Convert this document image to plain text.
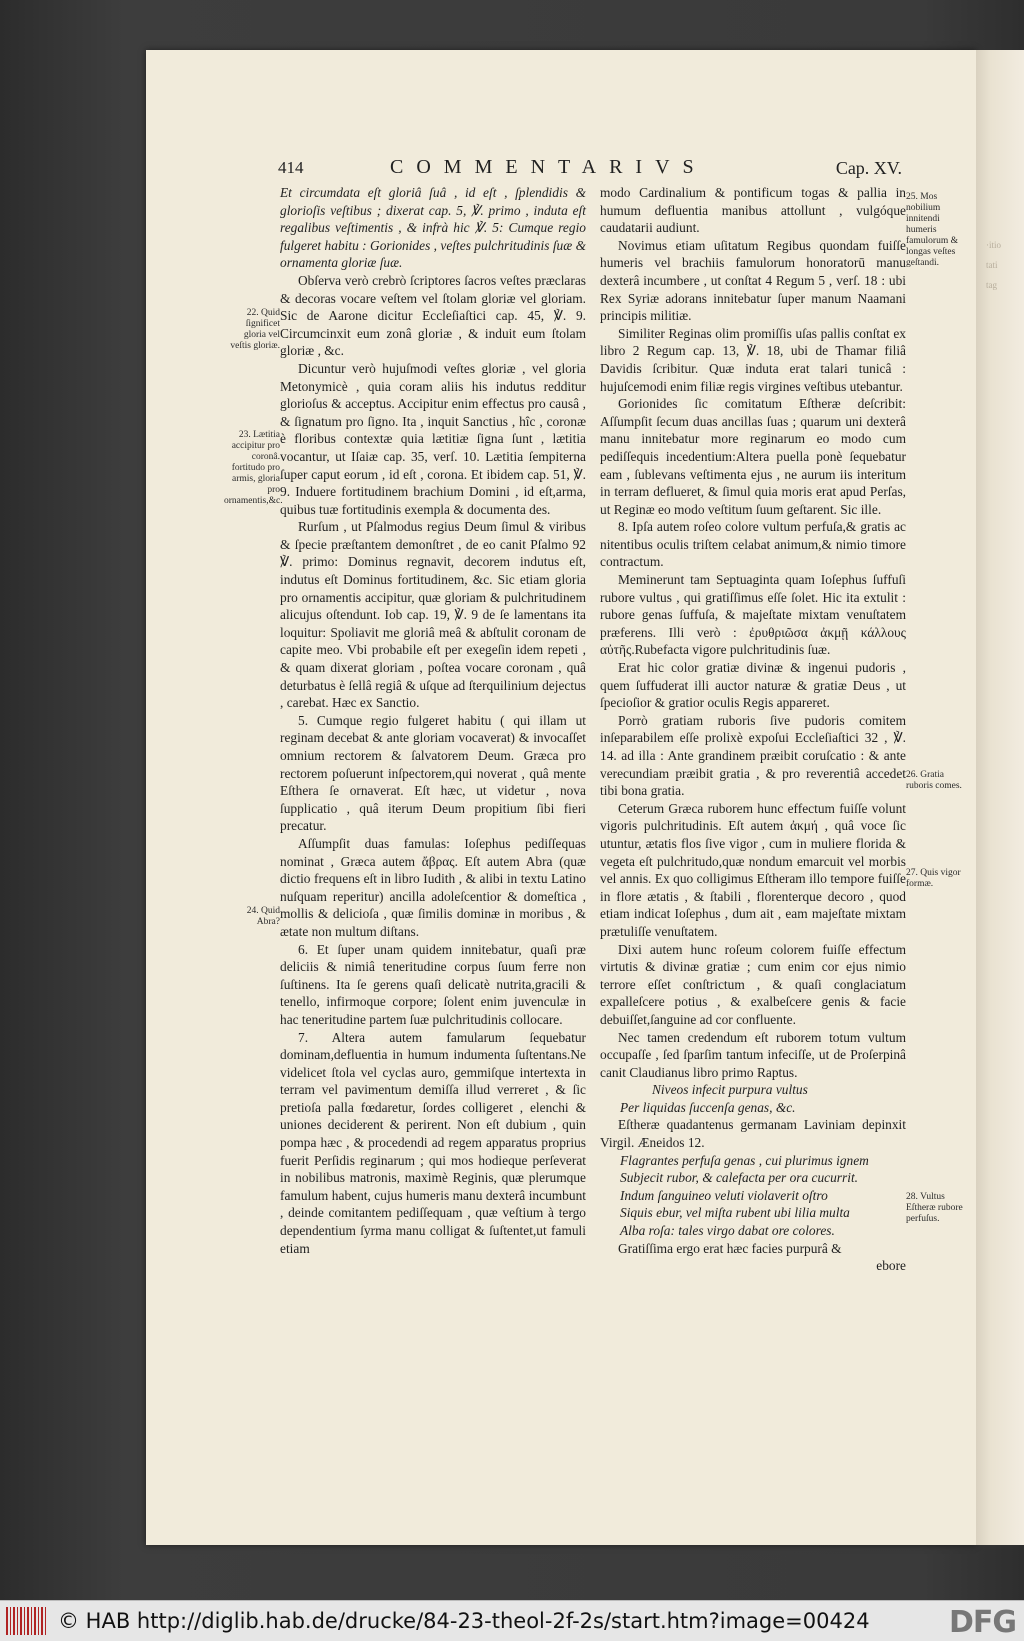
·itio
tati
tag
414	COMMENTARIVS	Cap. XV.

Et circumdata eſt gloriâ ſuâ , id eſt , ſplendidis & glorioſis veſtibus ; dixerat cap. 5, ℣. primo , induta eſt regalibus veſtimentis , & infrà hic ℣. 5: Cumque regio fulgeret habitu : Gorionides , veſtes pulchritudinis ſuæ & ornamenta gloriæ ſuæ.

Obſerva verò crebrò ſcriptores ſacros veſtes præclaras & decoras vocare veſtem vel ſtolam gloriæ vel gloriam. Sic de Aarone dicitur Eccleſiaſtici cap. 45, ℣. 9. Circumcinxit eum zonâ gloriæ , & induit eum ſtolam gloriæ , &c.

Dicuntur verò hujuſmodi veſtes gloriæ , vel gloria Metonymicè , quia coram aliis his indutus redditur glorioſus & acceptus. Accipitur enim effectus pro causâ , & ſignatum pro ſigno. Ita , inquit Sanctius , hîc , coronæ è floribus contextæ quia lætitiæ ſigna ſunt , lætitia vocantur, ut Iſaiæ cap. 35, verſ. 10. Lætitia ſempiterna ſuper caput eorum , id eſt , corona. Et ibidem cap. 51, ℣. 9. Induere fortitudinem brachium Domini , id eſt,arma, quibus tuæ fortitudinis exempla & documenta des.

Rurſum , ut Pſalmodus regius Deum ſimul & viribus & ſpecie præſtantem demonſtret , de eo canit Pſalmo 92 ℣. primo: Dominus regnavit, decorem indutus eſt, indutus eſt Dominus fortitudinem, &c. Sic etiam gloria pro ornamentis accipitur, quæ gloriam & pulchritudinem alicujus oſtendunt. Iob cap. 19, ℣. 9 de ſe lamentans ita loquitur: Spoliavit me gloriâ meâ & abſtulit coronam de capite meo. Vbi probabile eſt per exegeſin idem repeti , & quam dixerat gloriam , poſtea vocare coronam , quâ deturbatus è ſellâ regiâ & uſque ad ſterquilinium dejectus , carebat. Hæc ex Sanctio.

5. Cumque regio fulgeret habitu ( qui illam ut reginam decebat & ante gloriam vocaverat) & invocaſſet omnium rectorem & ſalvatorem Deum. Græca pro rectorem poſuerunt inſpectorem,qui noverat , quâ mente Eſthera ſe ornaverat. Eſt hæc, ut videtur , nova ſupplicatio , quâ iterum Deum propitium ſibi fieri precatur.

Aſſumpſit duas famulas: Ioſephus pediſſequas nominat , Græca autem ἄβρας. Eſt autem Abra (quæ dictio frequens eſt in libro Iudith , & alibi in textu Latino nuſquam reperitur) ancilla adoleſcentior & domeſtica , mollis & delicioſa , quæ ſimilis dominæ in moribus , & ætate non multum diſtans.

6. Et ſuper unam quidem innitebatur, quaſi præ deliciis & nimiâ teneritudine corpus ſuum ferre non ſuſtinens. Ita ſe gerens quaſi delicatè nutrita,gracili & tenello, infirmoque corpore; ſolent enim juvenculæ in hac teneritudine partem ſuæ pulchritudinis collocare.

7. Altera autem famularum ſequebatur dominam,defluentia in humum indumenta ſuſtentans.Ne videlicet ſtola vel cyclas auro, gemmiſque intertexta in terram vel pavimentum demiſſa illud verreret , & ſic pretioſa palla fœdaretur, ſordes colligeret , elenchi & uniones deciderent & perirent. Non eſt dubium , quin pompa hæc , & procedendi ad regem apparatus proprius fuerit Perſidis reginarum ; qui mos hodieque perſeverat in nobilibus matronis, maximè Reginis, quæ plerumque famulum habent, cujus humeris manu dexterâ incumbunt , deinde comitantem pediſſequam , quæ veſtium à tergo dependentium ſyrma manu colligat & ſuſtentet,ut famuli etiam

modo Cardinalium & pontificum togas & pallia in humum defluentia manibus attollunt , vulgóque caudatarii audiunt.

Novimus etiam uſitatum Regibus quondam fuiſſe humeris vel brachiis famulorum honoratorū manu dexterâ incumbere , ut conſtat 4 Regum 5 , verſ. 18 : ubi Rex Syriæ adorans innitebatur ſuper manum Naamani principis militiæ.

Similiter Reginas olim promiſſis uſas pallis conſtat ex libro 2 Regum cap. 13, ℣. 18, ubi de Thamar filiâ Davidis ſcribitur. Quæ induta erat talari tunicâ : hujuſcemodi enim filiæ regis virgines veſtibus utebantur.

Gorionides ſic comitatum Eſtheræ deſcribit: Aſſumpſit ſecum duas ancillas ſuas ; quarum uni dexterâ manu innitebatur more reginarum eo modo cum pediſſequis incedentium:Altera puella ponè ſequebatur eam , ſublevans veſtimenta ejus , ne aurum iis interitum in terram deflueret, & ſimul quia moris erat apud Perſas, ut Reginæ eo modo veſtitum ſuum geſtarent. Sic ille.

8. Ipſa autem roſeo colore vultum perfuſa,& gratis ac nitentibus oculis triſtem celabat animum,& nimio timore contractum.

Meminerunt tam Septuaginta quam Ioſephus ſuffuſi rubore vultus , qui gratiſſimus eſſe ſolet. Hic ita extulit : rubore genas ſuffuſa, & majeſtate mixtam venuſtatem præferens. Illi verò : ἐρυθριῶσα ἀκμῇ κάλλους αὐτῆς.Rubefacta vigore pulchritudinis ſuæ.

Erat hic color gratiæ divinæ & ingenui pudoris , quem ſuffuderat illi auctor naturæ & gratiæ Deus , ut ſpecioſior & gratior oculis Regis appareret.

Porrò gratiam ruboris ſive pudoris comitem inſeparabilem eſſe prolixè expoſui Eccleſiaſtici 32 , ℣. 14. ad illa : Ante grandinem præibit coruſcatio : & ante verecundiam præibit gratia , & pro reverentiâ accedet tibi bona gratia.

Ceterum Græca ruborem hunc effectum fuiſſe volunt vigoris pulchritudinis. Eſt autem ἀκμή , quâ voce ſic utuntur, ætatis flos ſive vigor , cum in muliere florida & vegeta eſt pulchritudo,quæ nondum emarcuit vel morbis vel annis. Ex quo colligimus Eſtheram illo tempore fuiſſe in flore ætatis , & ſtabili , florenterque decoro , quod etiam indicat Ioſephus , dum ait , eam majeſtate mixtam prætuliſſe venuſtatem.

Dixi autem hunc roſeum colorem fuiſſe effectum virtutis & divinæ gratiæ ; cum enim cor ejus nimio terrore eſſet conſtrictum , & quaſi conglaciatum expalleſcere potius , & exalbeſcere genis & facie debuiſſet,ſanguine ad cor confluente.

Nec tamen credendum eſt ruborem totum vultum occupaſſe , ſed ſparſim tantum infeciſſe, ut de Proſerpinâ canit Claudianus libro primo Raptus.

Niveos infecit purpura vultus

Per liquidas ſuccenſa genas, &c.

Eſtheræ quadantenus germanam Laviniam depinxit Virgil. Æneidos 12.

Flagrantes perfuſa genas , cui plurimus ignem

Subjecit rubor, & calefacta per ora cucurrit.

Indum ſanguineo veluti violaverit oſtro

Siquis ebur, vel miſta rubent ubi lilia multa

Alba roſa: tales virgo dabat ore colores.

Gratiſſima ergo erat hæc facies purpurâ &

ebore

22. Quid ſignificet gloria vel veſtis gloriæ.
23. Lætitia accipitur pro coronâ. fortitudo pro armis, gloria pro ornamentis,&c.
24. Quid Abra?
25. Mos nobilium innitendi humeris famulorum & longas veſtes geſtandi.
26. Gratia ruboris comes.
27. Quis vigor formæ.
28. Vultus Eſtheræ rubore perfuſus.
© HAB http://diglib.hab.de/drucke/84-23-theol-2f-2s/start.htm?image=00424	DFG
